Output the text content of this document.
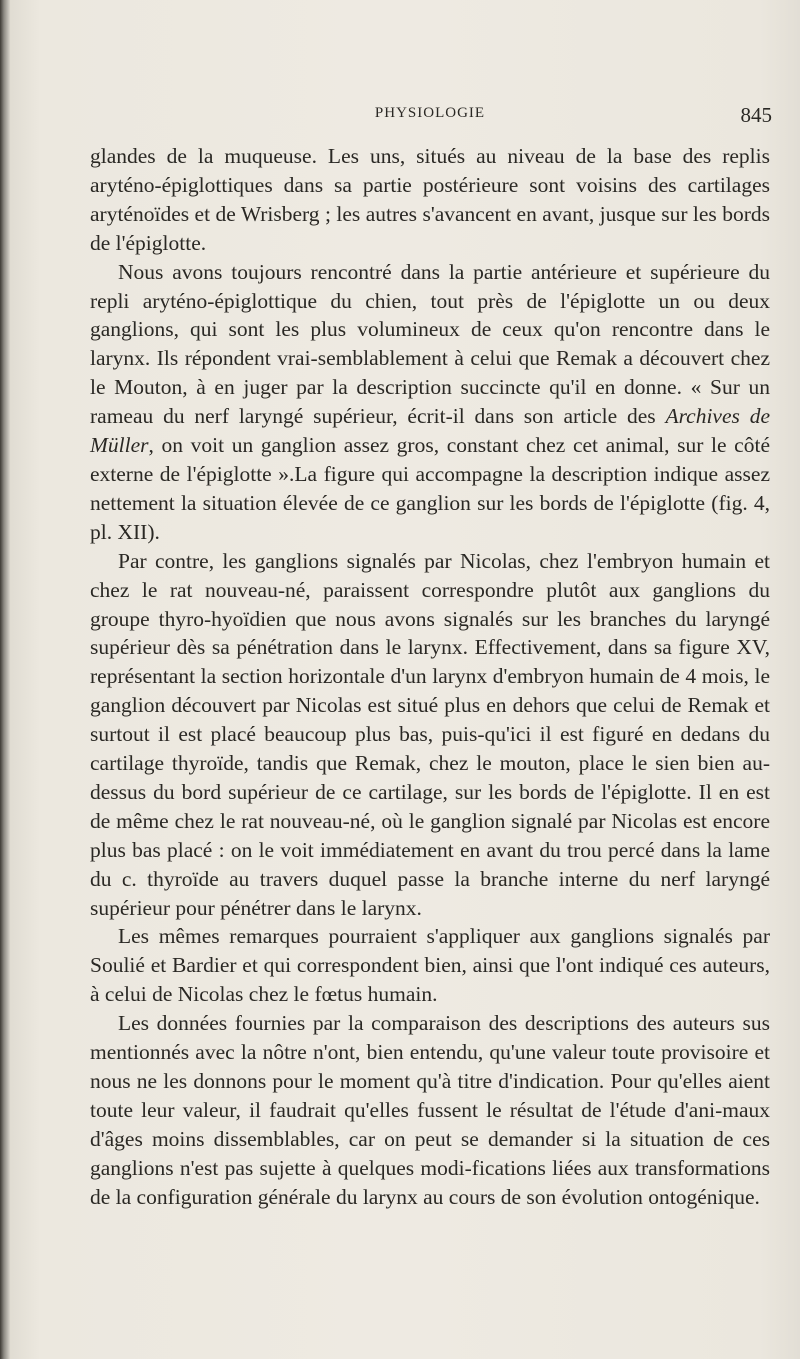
PHYSIOLOGIE	845

glandes de la muqueuse. Les uns, situés au niveau de la base des replis aryténo-épiglottiques dans sa partie postérieure sont voisins des cartilages aryténoïdes et de Wrisberg ; les autres s'avancent en avant, jusque sur les bords de l'épiglotte.

Nous avons toujours rencontré dans la partie antérieure et supérieure du repli aryténo-épiglottique du chien, tout près de l'épiglotte un ou deux ganglions, qui sont les plus volumineux de ceux qu'on rencontre dans le larynx. Ils répondent vrai-semblablement à celui que Remak a découvert chez le Mouton, à en juger par la description succincte qu'il en donne. « Sur un rameau du nerf laryngé supérieur, écrit-il dans son article des Archives de Müller, on voit un ganglion assez gros, constant chez cet animal, sur le côté externe de l'épiglotte ».La figure qui accompagne la description indique assez nettement la situation élevée de ce ganglion sur les bords de l'épiglotte (fig. 4, pl. XII).

Par contre, les ganglions signalés par Nicolas, chez l'embryon humain et chez le rat nouveau-né, paraissent correspondre plutôt aux ganglions du groupe thyro-hyoïdien que nous avons signalés sur les branches du laryngé supérieur dès sa pénétration dans le larynx. Effectivement, dans sa figure XV, représentant la section horizontale d'un larynx d'embryon humain de 4 mois, le ganglion découvert par Nicolas est situé plus en dehors que celui de Remak et surtout il est placé beaucoup plus bas, puis-qu'ici il est figuré en dedans du cartilage thyroïde, tandis que Remak, chez le mouton, place le sien bien au-dessus du bord supérieur de ce cartilage, sur les bords de l'épiglotte. Il en est de même chez le rat nouveau-né, où le ganglion signalé par Nicolas est encore plus bas placé : on le voit immédiatement en avant du trou percé dans la lame du c. thyroïde au travers duquel passe la branche interne du nerf laryngé supérieur pour pénétrer dans le larynx.

Les mêmes remarques pourraient s'appliquer aux ganglions signalés par Soulié et Bardier et qui correspondent bien, ainsi que l'ont indiqué ces auteurs, à celui de Nicolas chez le fœtus humain.

Les données fournies par la comparaison des descriptions des auteurs sus mentionnés avec la nôtre n'ont, bien entendu, qu'une valeur toute provisoire et nous ne les donnons pour le moment qu'à titre d'indication. Pour qu'elles aient toute leur valeur, il faudrait qu'elles fussent le résultat de l'étude d'ani-maux d'âges moins dissemblables, car on peut se demander si la situation de ces ganglions n'est pas sujette à quelques modi-fications liées aux transformations de la configuration générale du larynx au cours de son évolution ontogénique.
